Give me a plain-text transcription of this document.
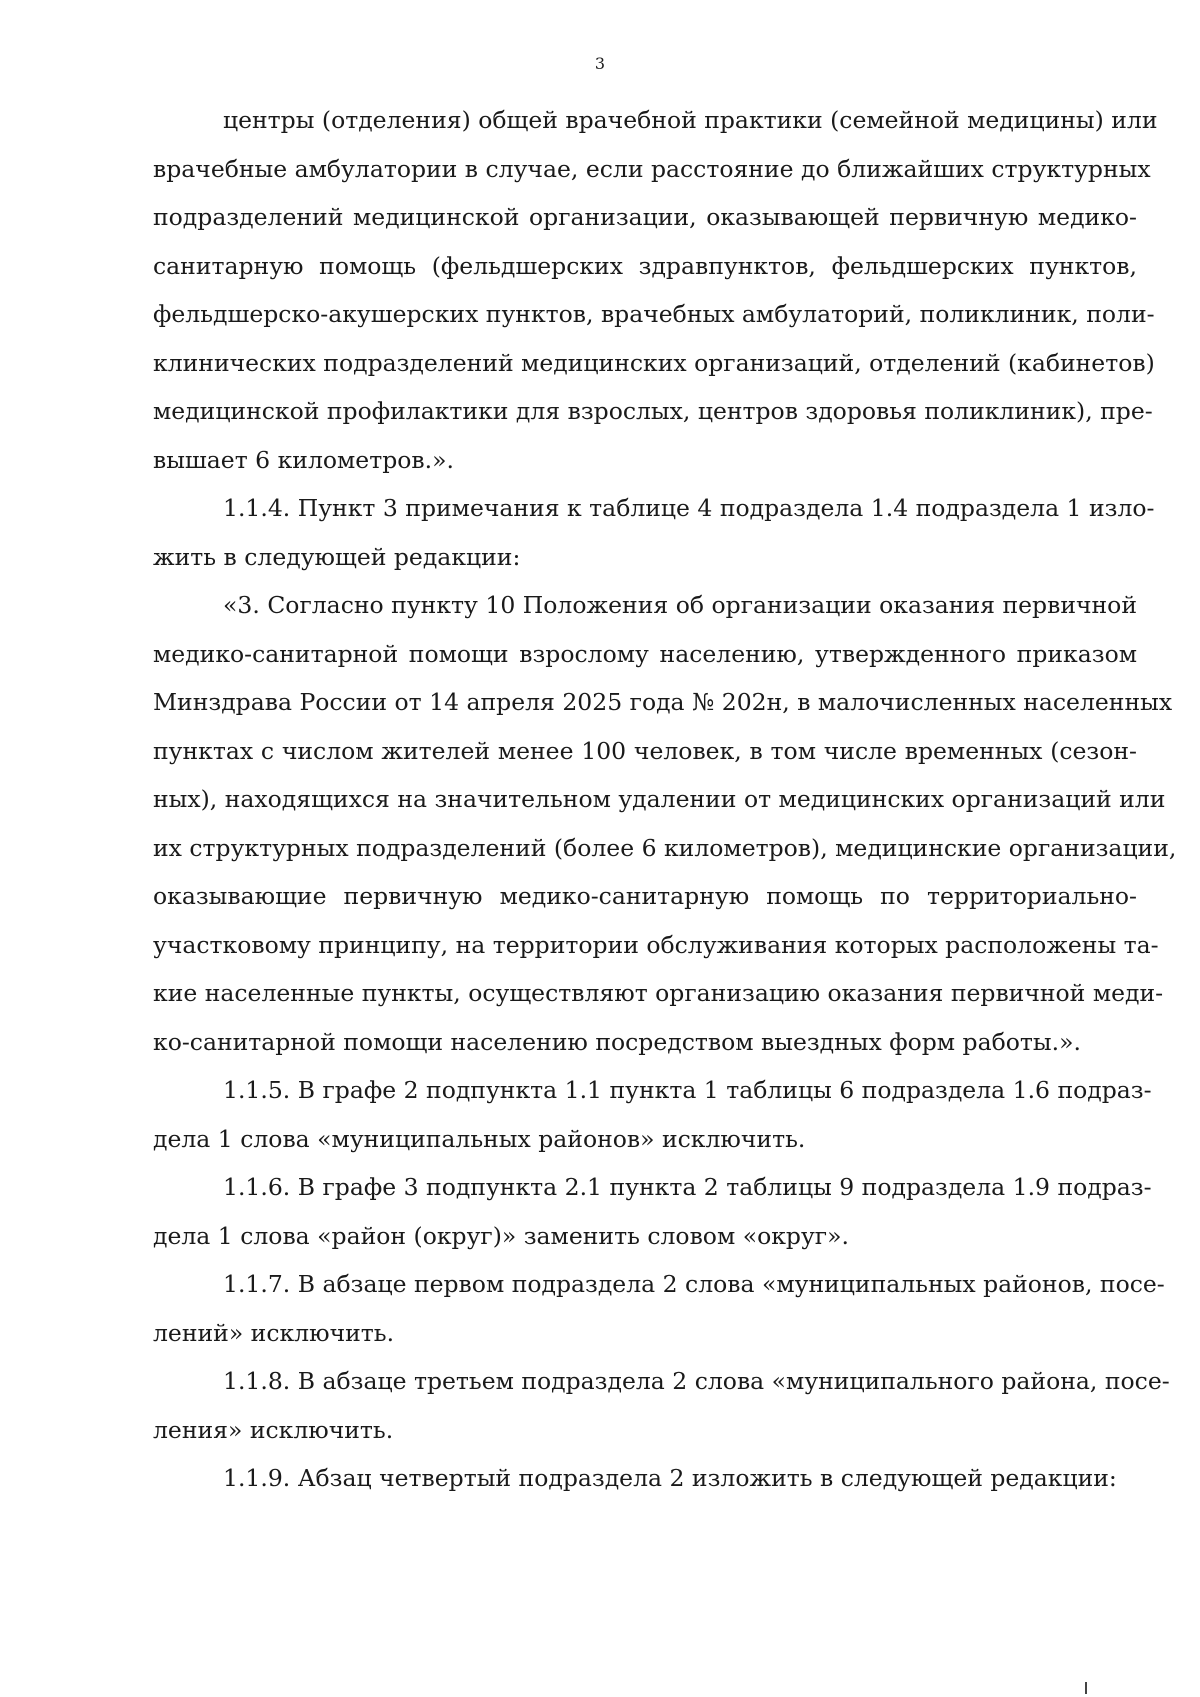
3
центры (отделения) общей врачебной практики (семейной медицины) или
врачебные амбулатории в случае, если расстояние до ближайших структурных
подразделений медицинской организации, оказывающей первичную медико-
санитарную помощь (фельдшерских здравпунктов, фельдшерских пунктов,
фельдшерско-акушерских пунктов, врачебных амбулаторий, поликлиник, поли-
клинических подразделений медицинских организаций, отделений (кабинетов)
медицинской профилактики для взрослых, центров здоровья поликлиник), пре-
вышает 6 километров.».
1.1.4. Пункт 3 примечания к таблице 4 подраздела 1.4 подраздела 1 изло-
жить в следующей редакции:
«3. Согласно пункту 10 Положения об организации оказания первичной
медико-санитарной помощи взрослому населению, утвержденного приказом
Минздрава России от 14 апреля 2025 года № 202н, в малочисленных населенных
пунктах с числом жителей менее 100 человек, в том числе временных (сезон-
ных), находящихся на значительном удалении от медицинских организаций или
их структурных подразделений (более 6 километров), медицинские организации,
оказывающие первичную медико-санитарную помощь по территориально-
участковому принципу, на территории обслуживания которых расположены та-
кие населенные пункты, осуществляют организацию оказания первичной меди-
ко-санитарной помощи населению посредством выездных форм работы.».
1.1.5. В графе 2 подпункта 1.1 пункта 1 таблицы 6 подраздела 1.6 подраз-
дела 1 слова «муниципальных районов» исключить.
1.1.6. В графе 3 подпункта 2.1 пункта 2 таблицы 9 подраздела 1.9 подраз-
дела 1 слова «район (округ)» заменить словом «округ».
1.1.7. В абзаце первом подраздела 2 слова «муниципальных районов, посе-
лений» исключить.
1.1.8. В абзаце третьем подраздела 2 слова «муниципального района, посе-
ления» исключить.
1.1.9. Абзац четвертый подраздела 2 изложить в следующей редакции:
